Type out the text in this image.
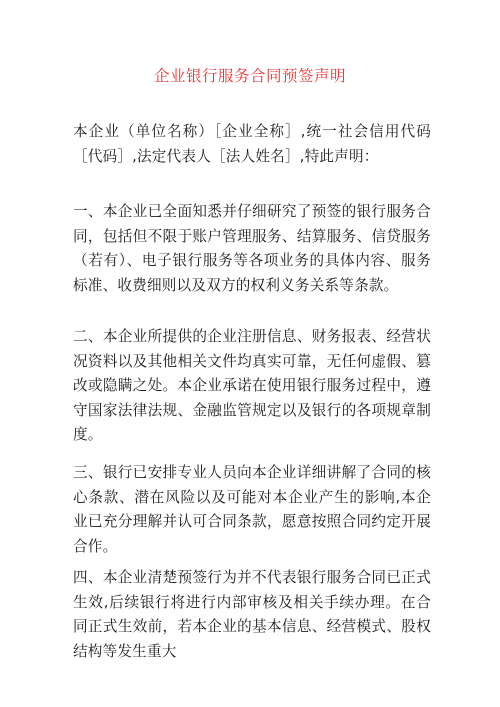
企业银行服务合同预签声明

本企业（单位名称）［企业全称］,统一社会信用代码［代码］,法定代表人［法人姓名］,特此声明：

一、本企业已全面知悉并仔细研究了预签的银行服务合同，包括但不限于账户管理服务、结算服务、信贷服务（若有）、电子银行服务等各项业务的具体内容、服务标准、收费细则以及双方的权利义务关系等条款。

二、本企业所提供的企业注册信息、财务报表、经营状况资料以及其他相关文件均真实可靠，无任何虚假、篡改或隐瞒之处。本企业承诺在使用银行服务过程中，遵守国家法律法规、金融监管规定以及银行的各项规章制度。

三、银行已安排专业人员向本企业详细讲解了合同的核心条款、潜在风险以及可能对本企业产生的影响,本企业已充分理解并认可合同条款，愿意按照合同约定开展合作。

四、本企业清楚预签行为并不代表银行服务合同已正式生效,后续银行将进行内部审核及相关手续办理。在合同正式生效前，若本企业的基本信息、经营模式、股权结构等发生重大
